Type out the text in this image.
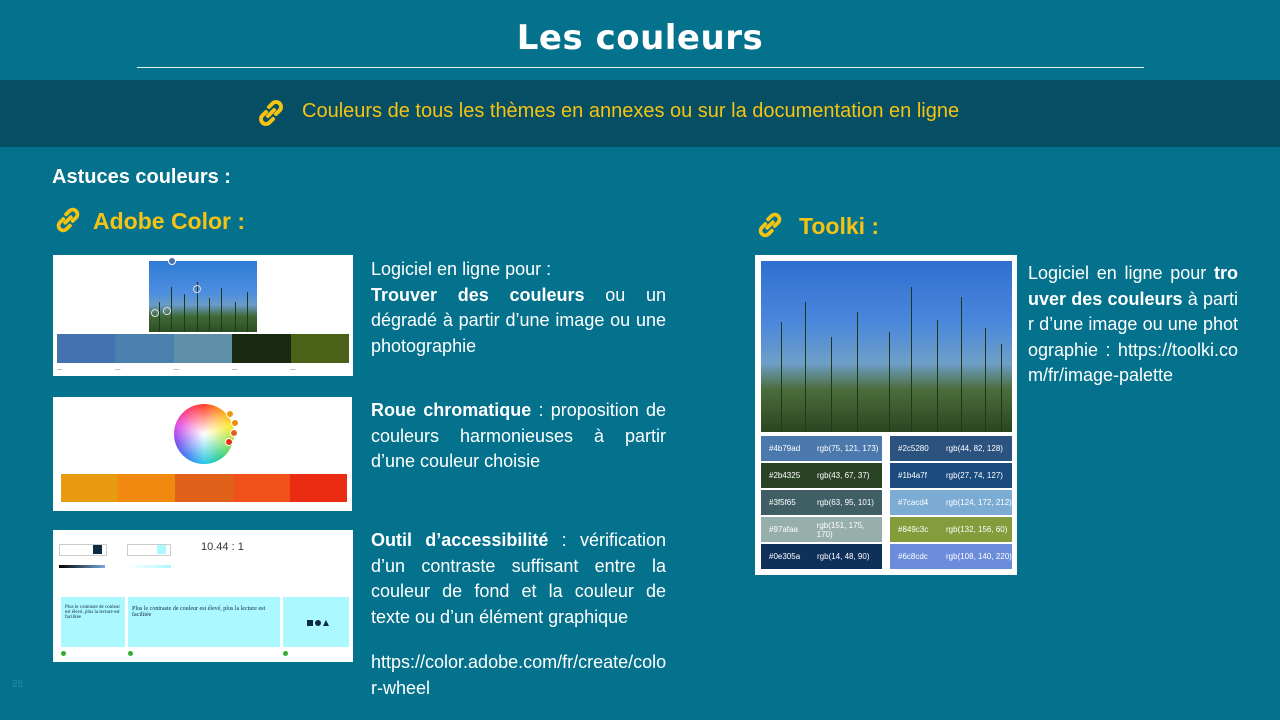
Les couleurs
Couleurs de tous les thèmes en annexes ou sur la documentation en ligne
Astuces couleurs :
Adobe Color :
—	—	—	—	—
Logiciel en ligne pour :
Trouver des couleurs ou un dégradé à partir d’une image ou une photographie
Roue chromatique : proposition de couleurs harmonieuses à partir d’une couleur choisie
10.44 : 1
Plus le contraste de couleur est élevé, plus la lecture est facilitée
Plus le contraste de couleur est élevé, plus la lecture est facilitée
Outil d’accessibilité : vérification d’un contraste suffisant entre la couleur de fond et la couleur de texte ou d’un élément graphique
https://color.adobe.com/fr/create/color-wheel
Toolki :
#4b79ad	rgb(75, 121, 173)
#2b4325	rgb(43, 67, 37)
#3f5f65	rgb(63, 95, 101)
#97afaa	rgb(151, 175, 170)
#0e305a	rgb(14, 48, 90)
#2c5280	rgb(44, 82, 128)
#1b4a7f	rgb(27, 74, 127)
#7cacd4	rgb(124, 172, 212)
#849c3c	rgb(132, 156, 60)
#6c8cdc	rgb(108, 140, 220)
Logiciel en ligne pour trouver des couleurs à partir d’une image ou une photographie : https://toolki.com/fr/image-palette
28
